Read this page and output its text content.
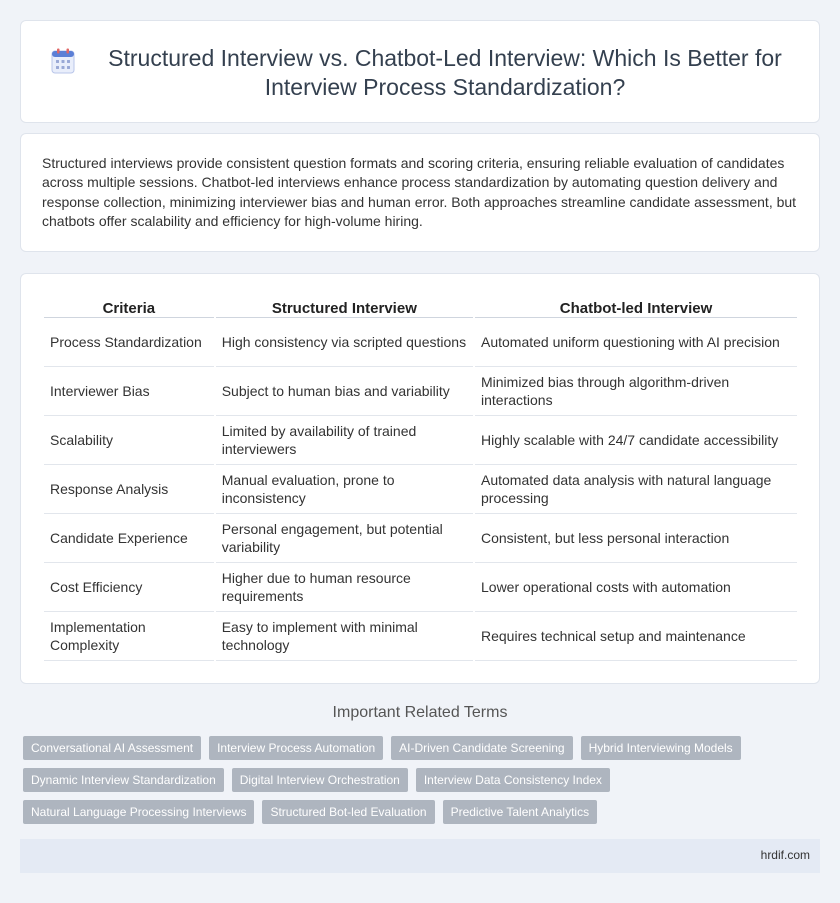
Structured Interview vs. Chatbot-Led Interview: Which Is Better for Interview Process Standardization?

Structured interviews provide consistent question formats and scoring criteria, ensuring reliable evaluation of candidates across multiple sessions. Chatbot-led interviews enhance process standardization by automating question delivery and response collection, minimizing interviewer bias and human error. Both approaches streamline candidate assessment, but chatbots offer scalability and efficiency for high-volume hiring.

Criteria	Structured Interview	Chatbot-led Interview
Process Standardization	High consistency via scripted questions	Automated uniform questioning with AI precision
Interviewer Bias	Subject to human bias and variability	Minimized bias through algorithm-driven interactions
Scalability	Limited by availability of trained interviewers	Highly scalable with 24/7 candidate accessibility
Response Analysis	Manual evaluation, prone to inconsistency	Automated data analysis with natural language processing
Candidate Experience	Personal engagement, but potential variability	Consistent, but less personal interaction
Cost Efficiency	Higher due to human resource requirements	Lower operational costs with automation
Implementation Complexity	Easy to implement with minimal technology	Requires technical setup and maintenance
Important Related Terms
Conversational AI Assessment	Interview Process Automation	AI-Driven Candidate Screening	Hybrid Interviewing Models
Dynamic Interview Standardization	Digital Interview Orchestration	Interview Data Consistency Index
Natural Language Processing Interviews	Structured Bot-led Evaluation	Predictive Talent Analytics
hrdif.com
